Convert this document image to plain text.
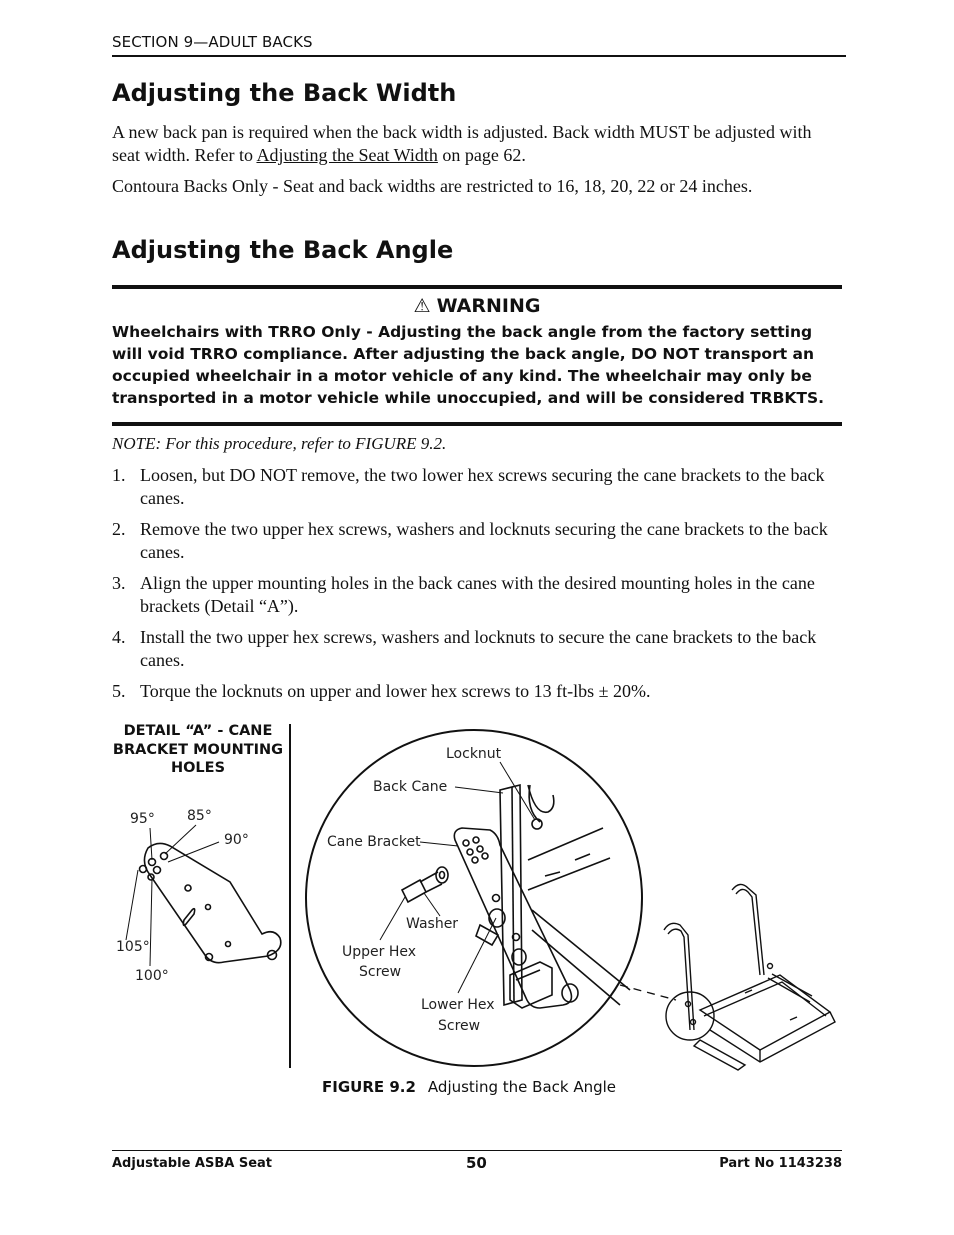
SECTION 9—ADULT BACKS
Adjusting the Back Width
A new back pan is required when the back width is adjusted. Back width MUST be adjusted with seat width. Refer to Adjusting the Seat Width on page 62.
Contoura Backs Only - Seat and back widths are restricted to 16, 18, 20, 22 or 24 inches.
Adjusting the Back Angle
⚠ WARNING
Wheelchairs with TRRO Only - Adjusting the back angle from the factory setting will void TRRO compliance. After adjusting the back angle, DO NOT transport an occupied wheelchair in a motor vehicle of any kind. The wheelchair may only be transported in a motor vehicle while unoccupied, and will be considered TRBKTS.
NOTE: For this procedure, refer to FIGURE 9.2.
1. Loosen, but DO NOT remove, the two lower hex screws securing the cane brackets to the back canes.
2. Remove the two upper hex screws, washers and locknuts securing the cane brackets to the back canes.
3. Align the upper mounting holes in the back canes with the desired mounting holes in the cane brackets (Detail “A”).
4. Install the two upper hex screws, washers and locknuts to secure the cane brackets to the back canes.
5. Torque the locknuts on upper and lower hex screws to 13 ft-lbs ± 20%.
DETAIL “A” - CANE BRACKET MOUNTING HOLES
95° 85°
90°
105°
100°
Locknut
Back Cane
Cane Bracket
Washer
Upper Hex
Screw
Lower Hex
Screw
FIGURE 9.2 Adjusting the Back Angle
Adjustable ASBA Seat	50	Part No 1143238
